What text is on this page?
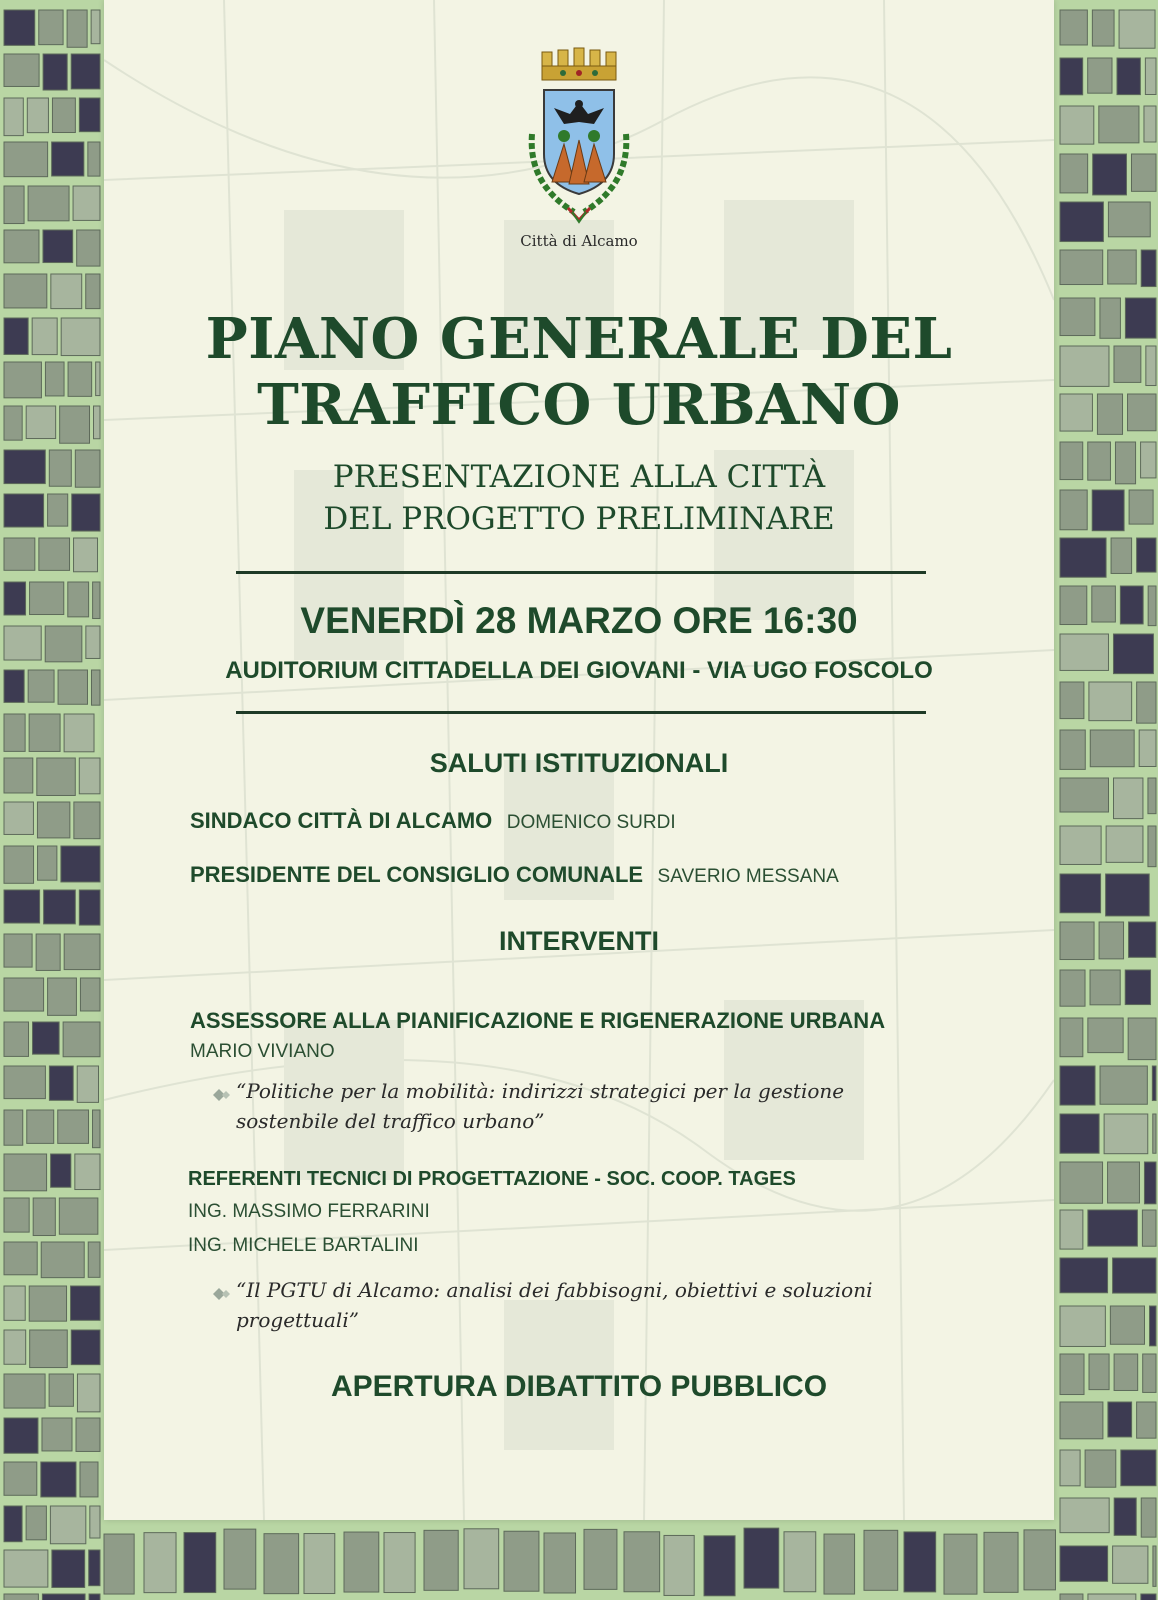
Città di Alcamo
PIANO GENERALE DEL
TRAFFICO URBANO
PRESENTAZIONE ALLA CITTÀ
DEL PROGETTO PRELIMINARE
VENERDÌ 28 MARZO ORE 16:30
AUDITORIUM CITTADELLA DEI GIOVANI - VIA UGO FOSCOLO
SALUTI ISTITUZIONALI
SINDACO CITTÀ DI ALCAMO DOMENICO SURDI
PRESIDENTE DEL CONSIGLIO COMUNALE SAVERIO MESSANA
INTERVENTI
ASSESSORE ALLA PIANIFICAZIONE E RIGENERAZIONE URBANA
MARIO VIVIANO
“Politiche per la mobilità: indirizzi strategici per la gestione
sostenbile del traffico urbano”
REFERENTI TECNICI DI PROGETTAZIONE - SOC. COOP. TAGES
ING. MASSIMO FERRARINI
ING. MICHELE BARTALINI
“Il PGTU di Alcamo: analisi dei fabbisogni, obiettivi e soluzioni
progettuali”
APERTURA DIBATTITO PUBBLICO
